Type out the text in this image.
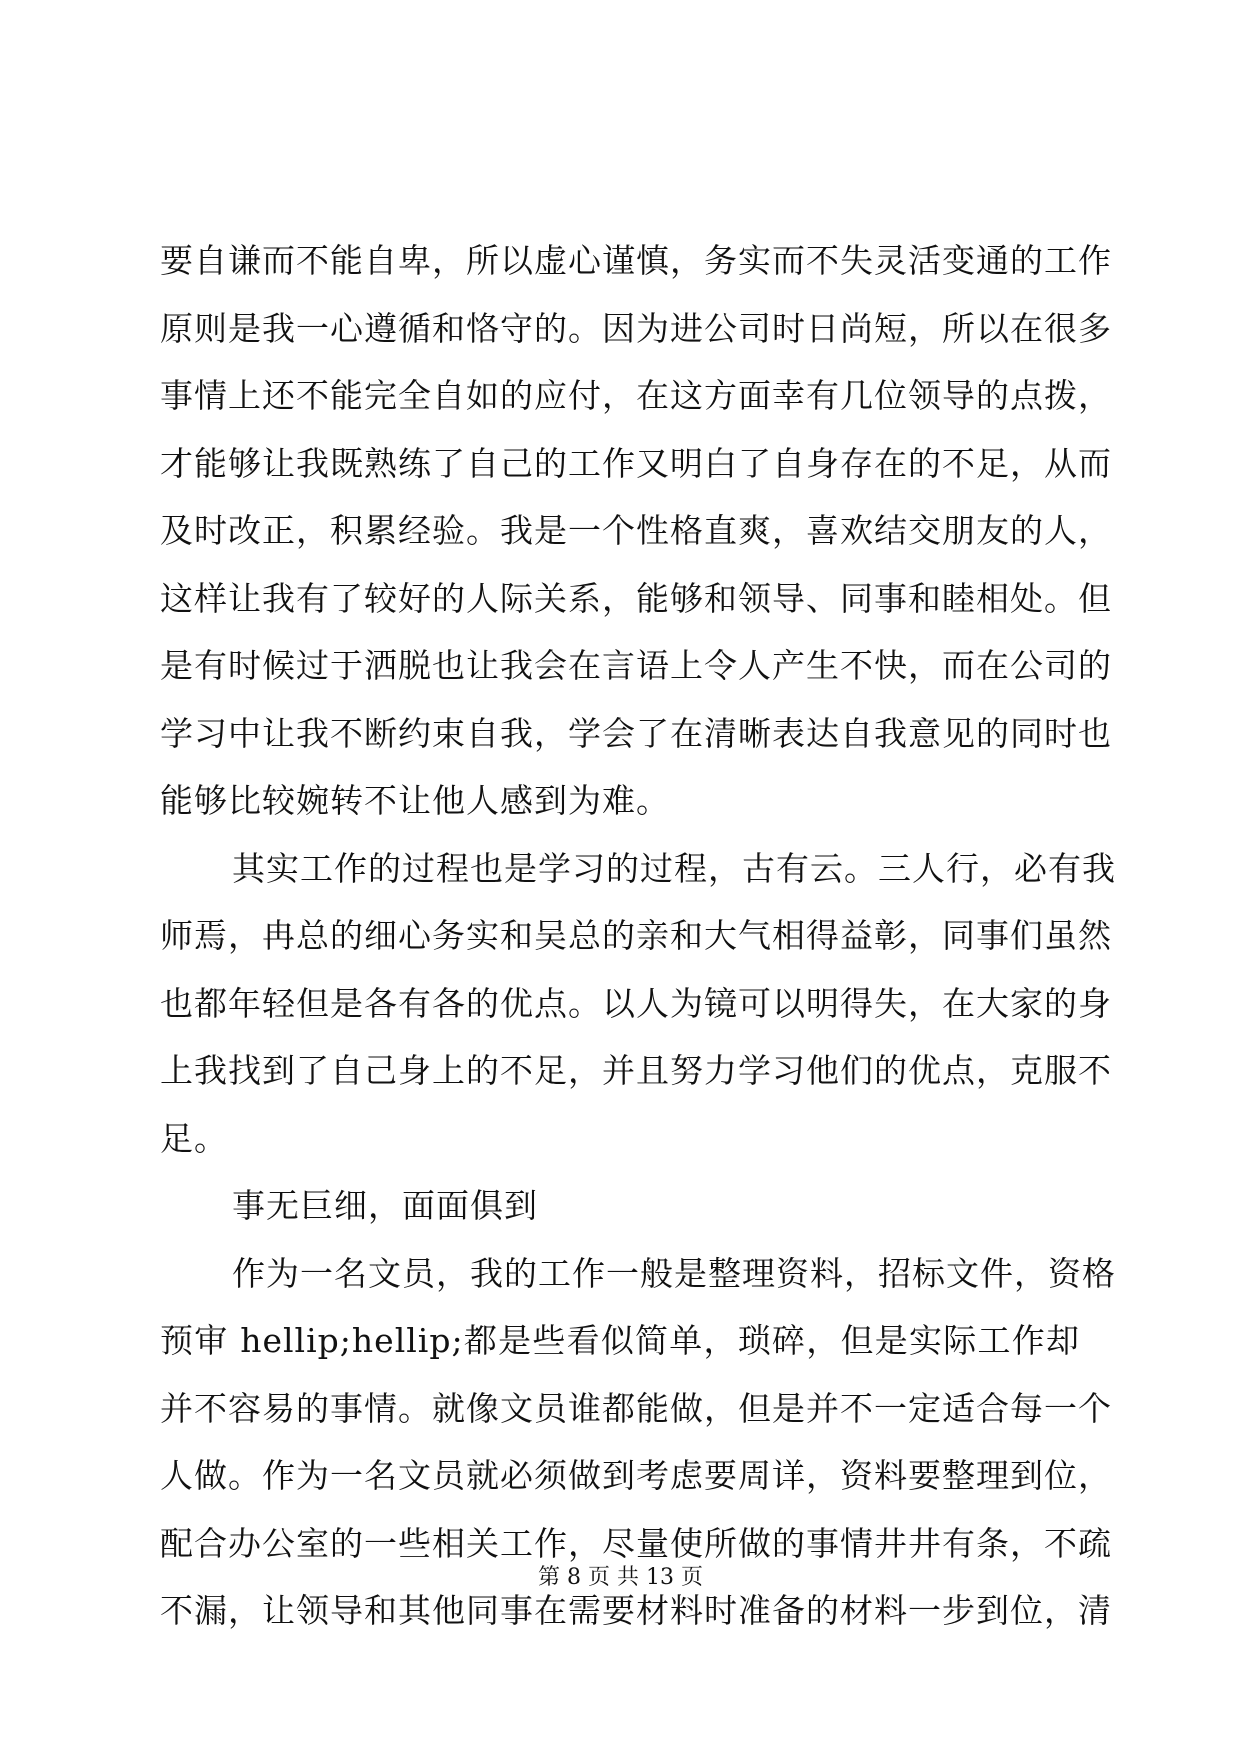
要自谦而不能自卑，所以虚心谨慎，务实而不失灵活变通的工作
原则是我一心遵循和恪守的。因为进公司时日尚短，所以在很多
事情上还不能完全自如的应付，在这方面幸有几位领导的点拨，
才能够让我既熟练了自己的工作又明白了自身存在的不足，从而
及时改正，积累经验。我是一个性格直爽，喜欢结交朋友的人，
这样让我有了较好的人际关系，能够和领导、同事和睦相处。但
是有时候过于洒脱也让我会在言语上令人产生不快，而在公司的
学习中让我不断约束自我，学会了在清晰表达自我意见的同时也
能够比较婉转不让他人感到为难。
其实工作的过程也是学习的过程，古有云。三人行，必有我
师焉，冉总的细心务实和吴总的亲和大气相得益彰，同事们虽然
也都年轻但是各有各的优点。以人为镜可以明得失，在大家的身
上我找到了自己身上的不足，并且努力学习他们的优点，克服不
足。
事无巨细，面面俱到
作为一名文员，我的工作一般是整理资料，招标文件，资格
预审 hellip;hellip;都是些看似简单，琐碎，但是实际工作却
并不容易的事情。就像文员谁都能做，但是并不一定适合每一个
人做。作为一名文员就必须做到考虑要周详，资料要整理到位，
配合办公室的一些相关工作，尽量使所做的事情井井有条，不疏
不漏，让领导和其他同事在需要材料时准备的材料一步到位，清
第 8 页 共 13 页
